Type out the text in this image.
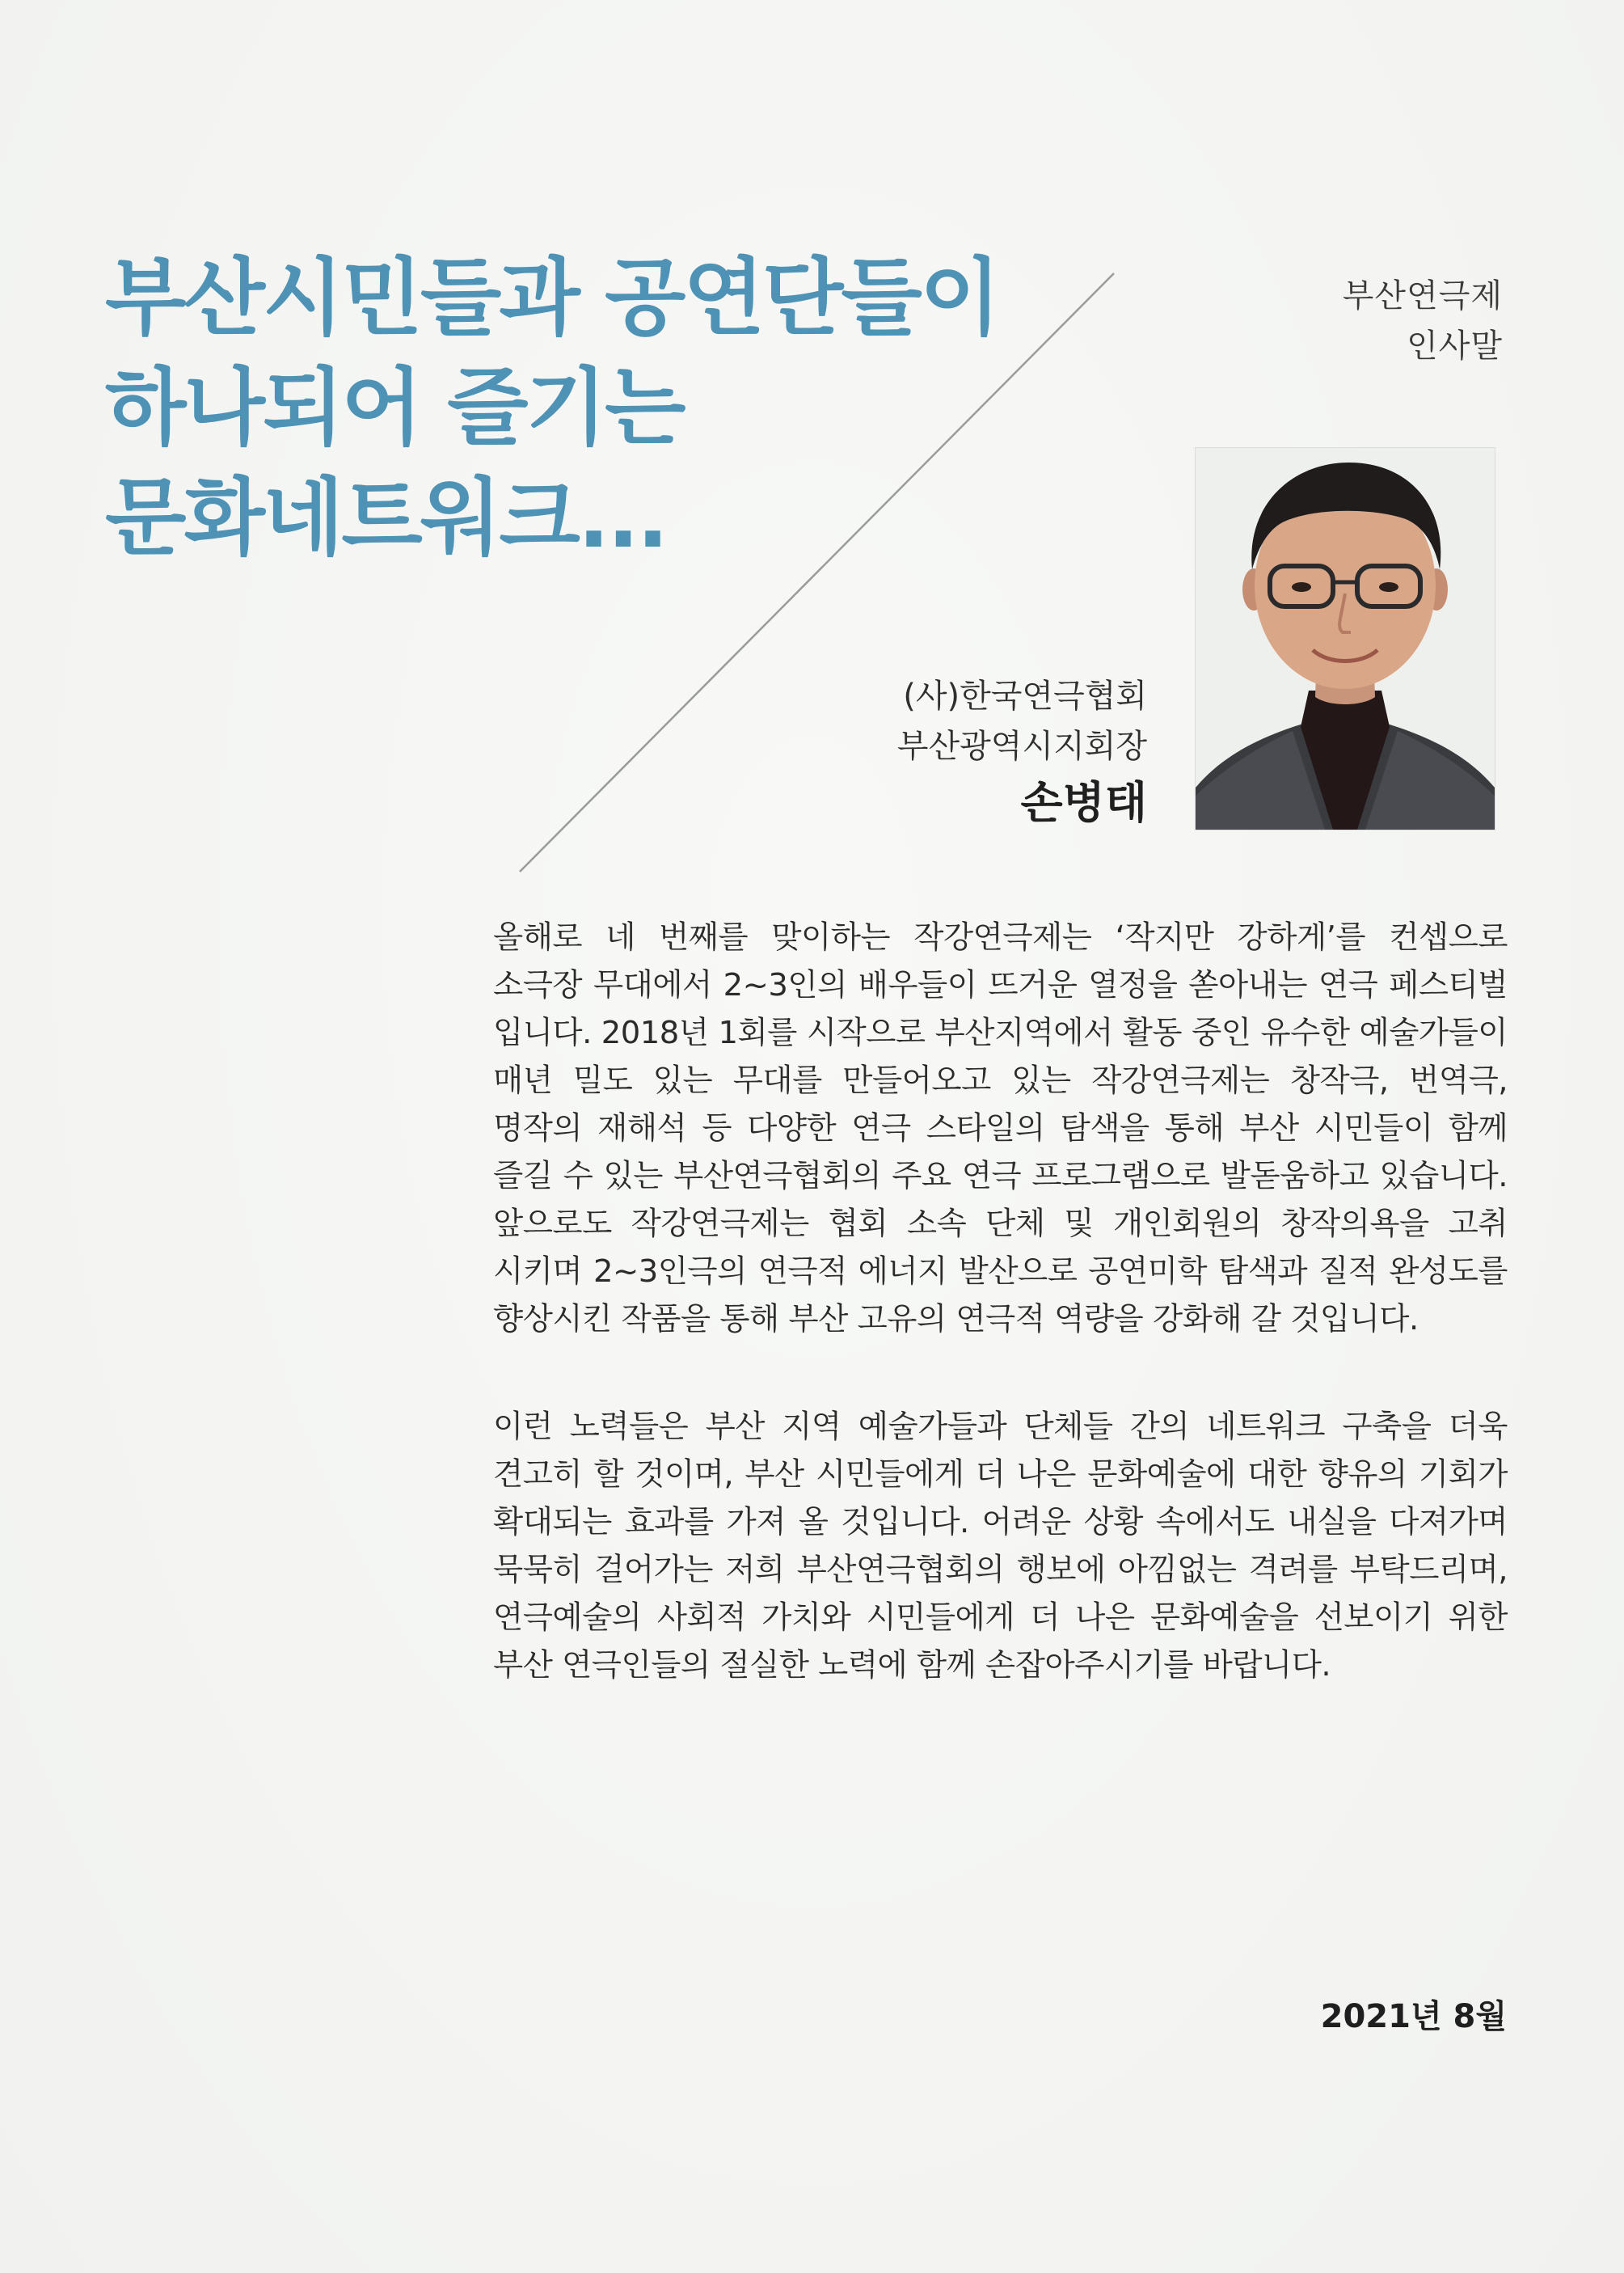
부산시민들과 공연단들이
하나되어 즐기는
문화네트워크...
부산연극제
인사말
(사)한국연극협회
부산광역시지회장
손병태
올해로 네 번째를 맞이하는 작강연극제는 ‘작지만 강하게’를 컨셉으로
소극장 무대에서 2~3인의 배우들이 뜨거운 열정을 쏟아내는 연극 페스티벌
입니다. 2018년 1회를 시작으로 부산지역에서 활동 중인 유수한 예술가들이
매년 밀도 있는 무대를 만들어오고 있는 작강연극제는 창작극, 번역극,
명작의 재해석 등 다양한 연극 스타일의 탐색을 통해 부산 시민들이 함께
즐길 수 있는 부산연극협회의 주요 연극 프로그램으로 발돋움하고 있습니다.
앞으로도 작강연극제는 협회 소속 단체 및 개인회원의 창작의욕을 고취
시키며 2~3인극의 연극적 에너지 발산으로 공연미학 탐색과 질적 완성도를
향상시킨 작품을 통해 부산 고유의 연극적 역량을 강화해 갈 것입니다.
이런 노력들은 부산 지역 예술가들과 단체들 간의 네트워크 구축을 더욱
견고히 할 것이며, 부산 시민들에게 더 나은 문화예술에 대한 향유의 기회가
확대되는 효과를 가져 올 것입니다. 어려운 상황 속에서도 내실을 다져가며
묵묵히 걸어가는 저희 부산연극협회의 행보에 아낌없는 격려를 부탁드리며,
연극예술의 사회적 가치와 시민들에게 더 나은 문화예술을 선보이기 위한
부산 연극인들의 절실한 노력에 함께 손잡아주시기를 바랍니다.
2021년 8월
